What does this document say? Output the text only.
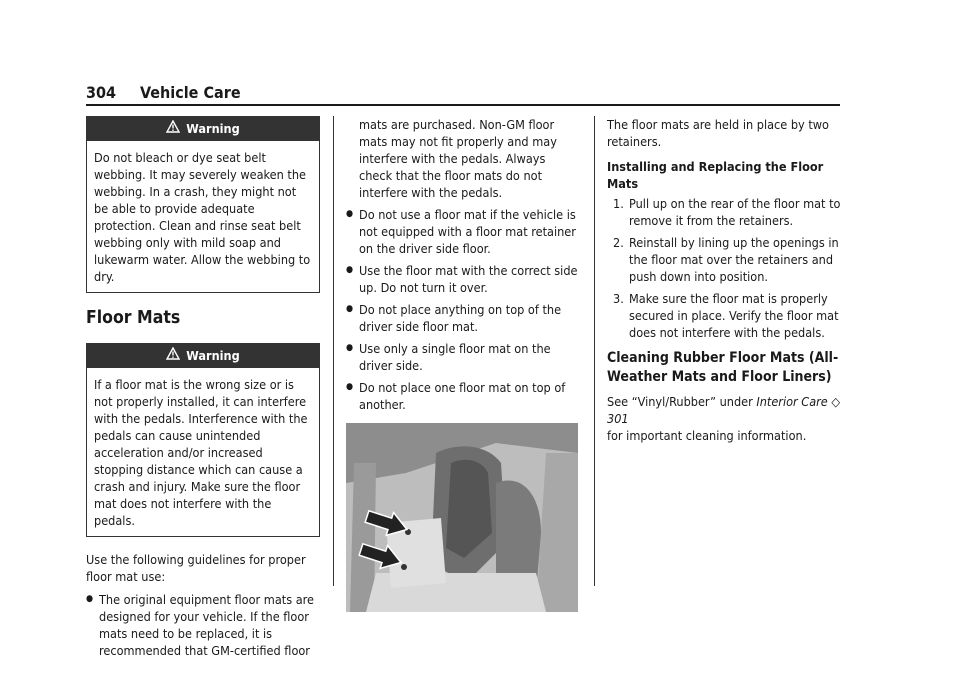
304 Vehicle Care
Warning

Do not bleach or dye seat belt webbing. It may severely weaken the webbing. In a crash, they might not be able to provide adequate protection. Clean and rinse seat belt webbing only with mild soap and lukewarm water. Allow the webbing to dry.

Floor Mats
Warning

If a floor mat is the wrong size or is not properly installed, it can interfere with the pedals. Interference with the pedals can cause unintended acceleration and/or increased stopping distance which can cause a crash and injury. Make sure the floor mat does not interfere with the pedals.

Use the following guidelines for proper floor mat use:

● The original equipment floor mats are designed for your vehicle. If the floor mats need to be replaced, it is recommended that GM-certified floor
mats are purchased. Non-GM floor mats may not fit properly and may interfere with the pedals. Always check that the floor mats do not interfere with the pedals.
● Do not use a floor mat if the vehicle is not equipped with a floor mat retainer on the driver side floor.
● Use the floor mat with the correct side up. Do not turn it over.
● Do not place anything on top of the driver side floor mat.
● Use only a single floor mat on the driver side.
● Do not place one floor mat on top of another.

The floor mats are held in place by two retainers.

Installing and Replacing the Floor Mats
1. Pull up on the rear of the floor mat to remove it from the retainers.
2. Reinstall by lining up the openings in the floor mat over the retainers and push down into position.
3. Make sure the floor mat is properly secured in place. Verify the floor mat does not interfere with the pedals.
Cleaning Rubber Floor Mats (All-Weather Mats and Floor Liners)

See “Vinyl/Rubber” under Interior Care ◇ 301
for important cleaning information.
